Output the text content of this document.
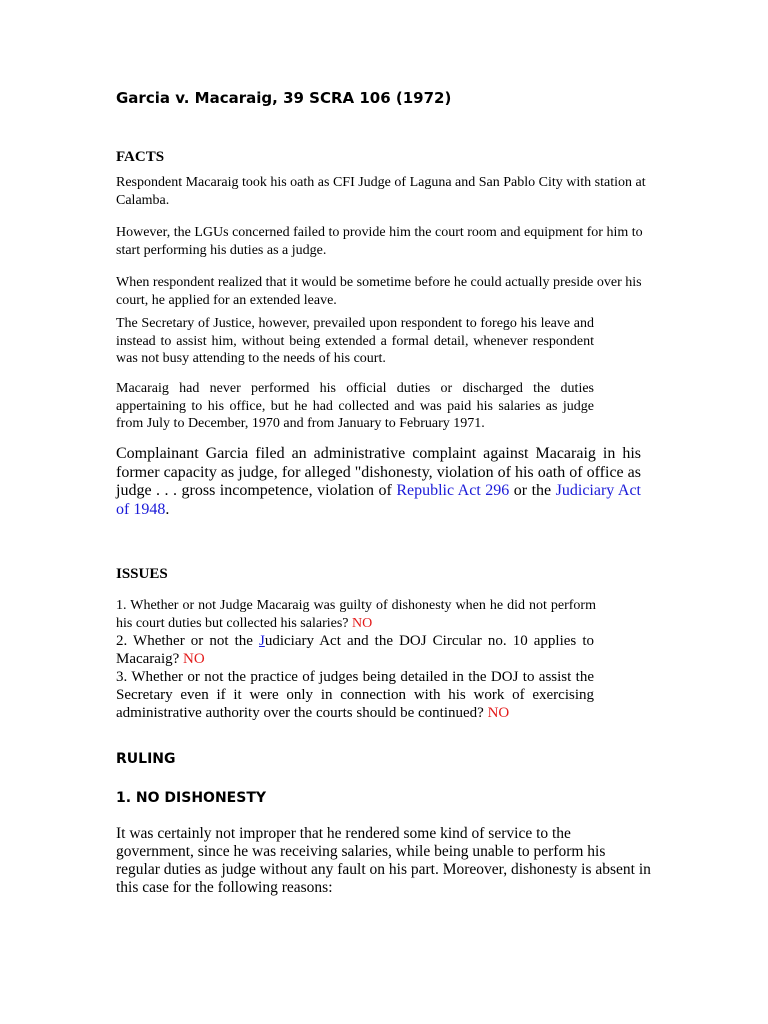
Garcia v. Macaraig, 39 SCRA 106 (1972)
FACTS
Respondent Macaraig took his oath as CFI Judge of Laguna and San Pablo City with station at Calamba.
However, the LGUs concerned failed to provide him the court room and equipment for him to start performing his duties as a judge.
When respondent realized that it would be sometime before he could actually preside over his court, he applied for an extended leave.
The Secretary of Justice, however, prevailed upon respondent to forego his leave and instead to assist him, without being extended a formal detail, whenever respondent was not busy attending to the needs of his court.
Macaraig had never performed his official duties or discharged the duties appertaining to his office, but he had collected and was paid his salaries as judge from July to December, 1970 and from January to February 1971.
Complainant Garcia filed an administrative complaint against Macaraig in his former capacity as judge, for alleged "dishonesty, violation of his oath of office as judge . . . gross incompetence, violation of Republic Act 296 or the Judiciary Act of 1948.
ISSUES
1. Whether or not Judge Macaraig was guilty of dishonesty when he did not perform his court duties but collected his salaries? NO
2. Whether or not the Judiciary Act and the DOJ Circular no. 10 applies to Macaraig? NO
3. Whether or not the practice of judges being detailed in the DOJ to assist the Secretary even if it were only in connection with his work of exercising administrative authority over the courts should be continued? NO
RULING
1. NO DISHONESTY
It was certainly not improper that he rendered some kind of service to the government, since he was receiving salaries, while being unable to perform his regular duties as judge without any fault on his part. Moreover, dishonesty is absent in this case for the following reasons:
